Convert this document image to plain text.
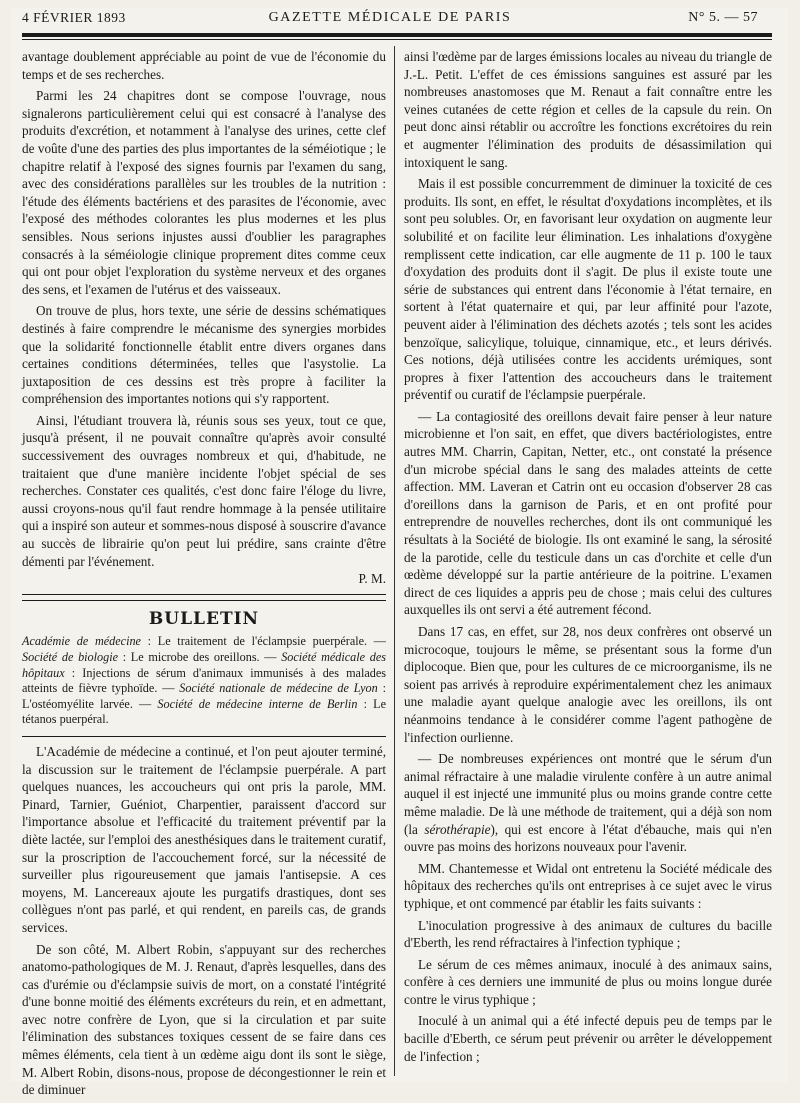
4 FÉVRIER 1893	GAZETTE MÉDICALE DE PARIS	N° 5. — 57

avantage doublement appréciable au point de vue de l'économie du temps et de ses recherches.

Parmi les 24 chapitres dont se compose l'ouvrage, nous signalerons particulièrement celui qui est consacré à l'analyse des produits d'excrétion, et notamment à l'analyse des urines, cette clef de voûte d'une des parties des plus importantes de la séméiotique ; le chapitre relatif à l'exposé des signes fournis par l'examen du sang, avec des considérations parallèles sur les troubles de la nutrition : l'étude des éléments bactériens et des parasites de l'économie, avec l'exposé des méthodes colorantes les plus modernes et les plus sensibles. Nous serions injustes aussi d'oublier les paragraphes consacrés à la séméiologie clinique proprement dites comme ceux qui ont pour objet l'exploration du système nerveux et des organes des sens, et l'examen de l'utérus et des vaisseaux.

On trouve de plus, hors texte, une série de dessins schématiques destinés à faire comprendre le mécanisme des synergies morbides que la solidarité fonctionnelle établit entre divers organes dans certaines conditions déterminées, telles que l'asystolie. La juxtaposition de ces dessins est très propre à faciliter la compréhension des importantes notions qui s'y rapportent.

Ainsi, l'étudiant trouvera là, réunis sous ses yeux, tout ce que, jusqu'à présent, il ne pouvait connaître qu'après avoir consulté successivement des ouvrages nombreux et qui, d'habitude, ne traitaient que d'une manière incidente l'objet spécial de ses recherches. Constater ces qualités, c'est donc faire l'éloge du livre, aussi croyons-nous qu'il faut rendre hommage à la pensée utilitaire qui a inspiré son auteur et sommes-nous disposé à souscrire d'avance au succès de librairie qu'on peut lui prédire, sans crainte d'être démenti par l'événement.

P. M.
BULLETIN

Académie de médecine : Le traitement de l'éclampsie puerpérale. — Société de biologie : Le microbe des oreillons. — Société médicale des hôpitaux : Injections de sérum d'animaux immunisés à des malades atteints de fièvre typhoïde. — Société nationale de médecine de Lyon : L'ostéomyélite larvée. — Société de médecine interne de Berlin : Le tétanos puerpéral.

L'Académie de médecine a continué, et l'on peut ajouter terminé, la discussion sur le traitement de l'éclampsie puerpérale. A part quelques nuances, les accoucheurs qui ont pris la parole, MM. Pinard, Tarnier, Guéniot, Charpentier, paraissent d'accord sur l'importance absolue et l'efficacité du traitement préventif par la diète lactée, sur l'emploi des anesthésiques dans le traitement curatif, sur la proscription de l'accouchement forcé, sur la nécessité de surveiller plus rigoureusement que jamais l'antisepsie. A ces moyens, M. Lancereaux ajoute les purgatifs drastiques, dont ses collègues n'ont pas parlé, et qui rendent, en pareils cas, de grands services.

De son côté, M. Albert Robin, s'appuyant sur des recherches anatomo-pathologiques de M. J. Renaut, d'après lesquelles, dans des cas d'urémie ou d'éclampsie suivis de mort, on a constaté l'intégrité d'une bonne moitié des éléments excréteurs du rein, et en admettant, avec notre confrère de Lyon, que si la circulation et par suite l'élimination des substances toxiques cessent de se faire dans ces mêmes éléments, cela tient à un œdème aigu dont ils sont le siège, M. Albert Robin, disons-nous, propose de décongestionner le rein et de diminuer

ainsi l'œdème par de larges émissions locales au niveau du triangle de J.-L. Petit. L'effet de ces émissions sanguines est assuré par les nombreuses anastomoses que M. Renaut a fait connaître entre les veines cutanées de cette région et celles de la capsule du rein. On peut donc ainsi rétablir ou accroître les fonctions excrétoires du rein et augmenter l'élimination des produits de désassimilation qui intoxiquent le sang.

Mais il est possible concurremment de diminuer la toxicité de ces produits. Ils sont, en effet, le résultat d'oxydations incomplètes, et ils sont peu solubles. Or, en favorisant leur oxydation on augmente leur solubilité et on facilite leur élimination. Les inhalations d'oxygène remplissent cette indication, car elle augmente de 11 p. 100 le taux d'oxydation des produits dont il s'agit. De plus il existe toute une série de substances qui entrent dans l'économie à l'état ternaire, en sortent à l'état quaternaire et qui, par leur affinité pour l'azote, peuvent aider à l'élimination des déchets azotés ; tels sont les acides benzoïque, salicylique, toluique, cinnamique, etc., et leurs dérivés. Ces notions, déjà utilisées contre les accidents urémiques, sont propres à fixer l'attention des accoucheurs dans le traitement préventif ou curatif de l'éclampsie puerpérale.

— La contagiosité des oreillons devait faire penser à leur nature microbienne et l'on sait, en effet, que divers bactériologistes, entre autres MM. Charrin, Capitan, Netter, etc., ont constaté la présence d'un microbe spécial dans le sang des malades atteints de cette affection. MM. Laveran et Catrin ont eu occasion d'observer 28 cas d'oreillons dans la garnison de Paris, et en ont profité pour entreprendre de nouvelles recherches, dont ils ont communiqué les résultats à la Société de biologie. Ils ont examiné le sang, la sérosité de la parotide, celle du testicule dans un cas d'orchite et celle d'un œdème développé sur la partie antérieure de la poitrine. L'examen direct de ces liquides a appris peu de chose ; mais celui des cultures auxquelles ils ont servi a été autrement fécond.

Dans 17 cas, en effet, sur 28, nos deux confrères ont observé un microcoque, toujours le même, se présentant sous la forme d'un diplocoque. Bien que, pour les cultures de ce microorganisme, ils ne soient pas arrivés à reproduire expérimentalement chez les animaux une maladie ayant quelque analogie avec les oreillons, ils ont néanmoins tendance à le considérer comme l'agent pathogène de l'infection ourlienne.

— De nombreuses expériences ont montré que le sérum d'un animal réfractaire à une maladie virulente confère à un autre animal auquel il est injecté une immunité plus ou moins grande contre cette même maladie. De là une méthode de traitement, qui a déjà son nom (la sérothérapie), qui est encore à l'état d'ébauche, mais qui n'en ouvre pas moins des horizons nouveaux pour l'avenir.

MM. Chantemesse et Widal ont entretenu la Société médicale des hôpitaux des recherches qu'ils ont entreprises à ce sujet avec le virus typhique, et ont commencé par établir les faits suivants :

L'inoculation progressive à des animaux de cultures du bacille d'Eberth, les rend réfractaires à l'infection typhique ;

Le sérum de ces mêmes animaux, inoculé à des animaux sains, confère à ces derniers une immunité de plus ou moins longue durée contre le virus typhique ;

Inoculé à un animal qui a été infecté depuis peu de temps par le bacille d'Eberth, ce sérum peut prévenir ou arrêter le développement de l'infection ;
